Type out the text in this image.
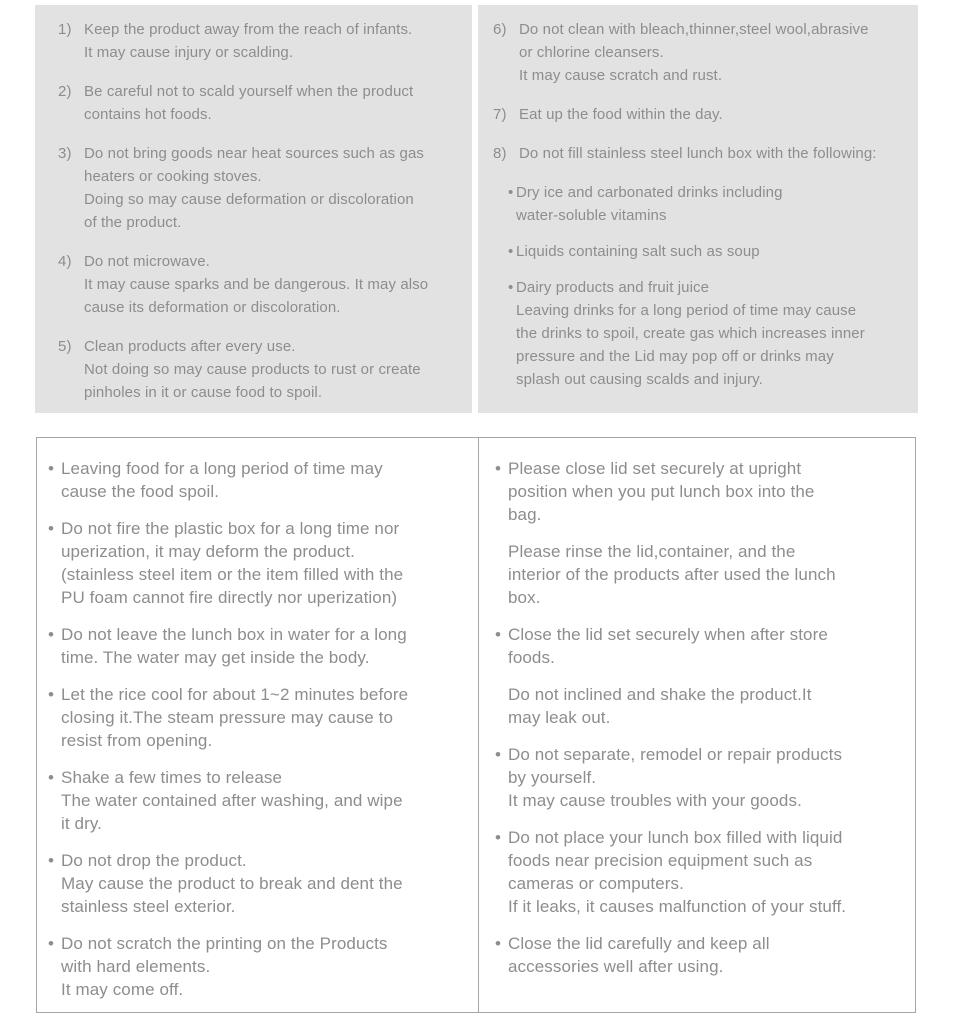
1) Keep the product away from the reach of infants.
It may cause injury or scalding.
2) Be careful not to scald yourself when the product
contains hot foods.
3) Do not bring goods near heat sources such as gas
heaters or cooking stoves.
Doing so may cause deformation or discoloration
of the product.
4) Do not microwave.
It may cause sparks and be dangerous. It may also
cause its deformation or discoloration.
5) Clean products after every use.
Not doing so may cause products to rust or create
pinholes in it or cause food to spoil.
6) Do not clean with bleach,thinner,steel wool,abrasive
or chlorine cleansers.
It may cause scratch and rust.
7) Eat up the food within the day.
8) Do not fill stainless steel lunch box with the following:
• Dry ice and carbonated drinks including
water-soluble vitamins
• Liquids containing salt such as soup
• Dairy products and fruit juice
Leaving drinks for a long period of time may cause
the drinks to spoil, create gas which increases inner
pressure and the Lid may pop off or drinks may
splash out causing scalds and injury.
• Leaving food for a long period of time may
cause the food spoil.
• Do not fire the plastic box for a long time nor
uperization, it may deform the product.
(stainless steel item or the item filled with the
PU foam cannot fire directly nor uperization)
• Do not leave the lunch box in water for a long
time. The water may get inside the body.
• Let the rice cool for about 1~2 minutes before
closing it.The steam pressure may cause to
resist from opening.
• Shake a few times to release
The water contained after washing, and wipe
it dry.
• Do not drop the product.
May cause the product to break and dent the
stainless steel exterior.
• Do not scratch the printing on the Products
with hard elements.
It may come off.
• Please close lid set securely at upright
position when you put lunch box into the
bag.
Please rinse the lid,container, and the
interior of the products after used the lunch
box.
• Close the lid set securely when after store
foods.
Do not inclined and shake the product.It
may leak out.
• Do not separate, remodel or repair products
by yourself.
It may cause troubles with your goods.
• Do not place your lunch box filled with liquid
foods near precision equipment such as
cameras or computers.
If it leaks, it causes malfunction of your stuff.
• Close the lid carefully and keep all
accessories well after using.
